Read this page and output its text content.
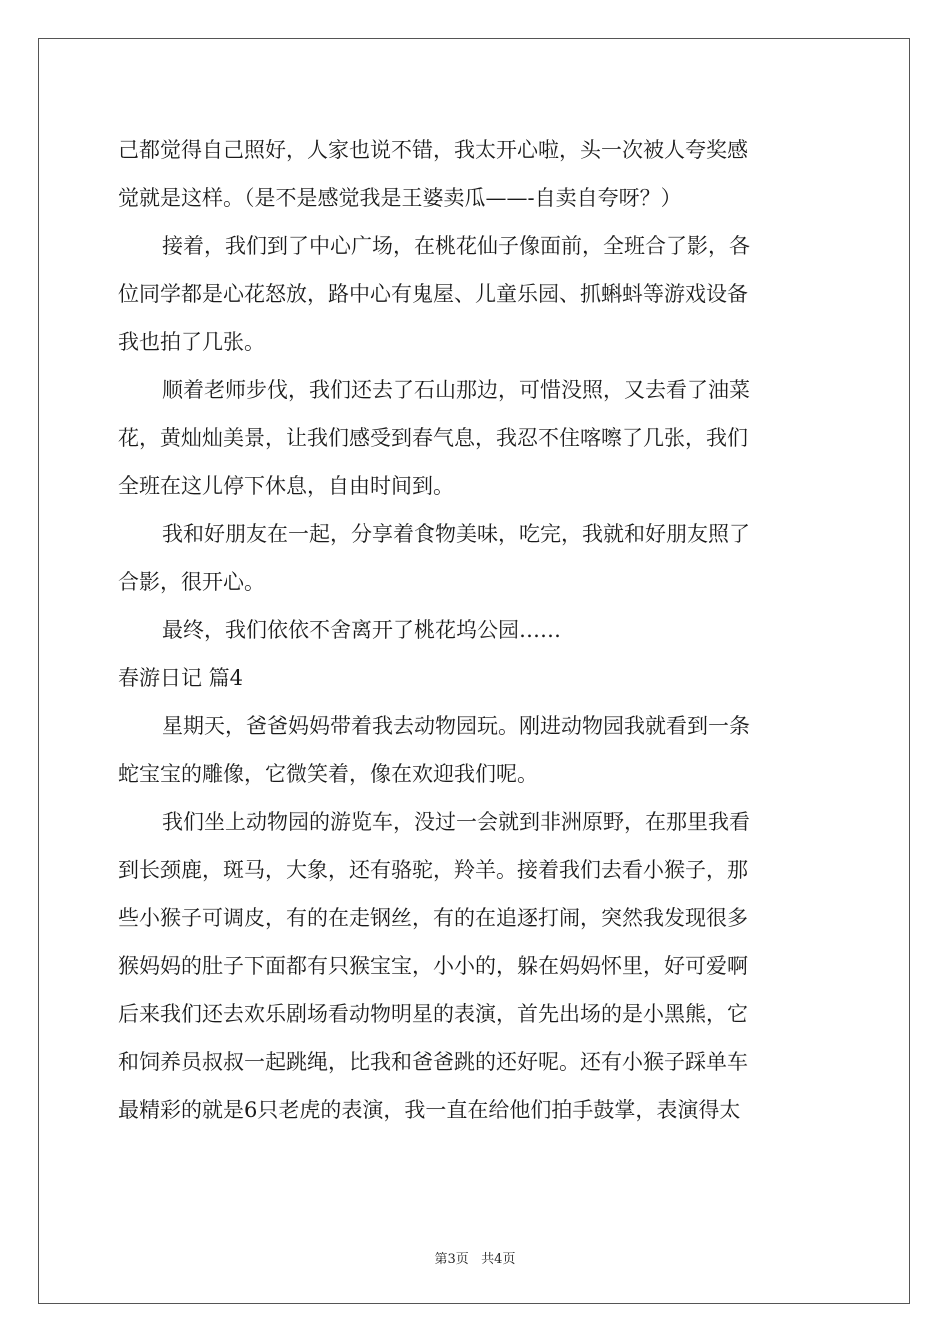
己都觉得自己照好，人家也说不错，我太开心啦，头一次被人夸奖感
觉就是这样。（是不是感觉我是王婆卖瓜——-自卖自夸呀？）
接着，我们到了中心广场，在桃花仙子像面前，全班合了影，各
位同学都是心花怒放，路中心有鬼屋、儿童乐园、抓蝌蚪等游戏设备
我也拍了几张。
顺着老师步伐，我们还去了石山那边，可惜没照，又去看了油菜
花，黄灿灿美景，让我们感受到春气息，我忍不住喀嚓了几张，我们
全班在这儿停下休息，自由时间到。
我和好朋友在一起，分享着食物美味，吃完，我就和好朋友照了
合影，很开心。
最终，我们依依不舍离开了桃花坞公园……
春游日记 篇4
星期天，爸爸妈妈带着我去动物园玩。刚进动物园我就看到一条
蛇宝宝的雕像，它微笑着，像在欢迎我们呢。
我们坐上动物园的游览车，没过一会就到非洲原野，在那里我看
到长颈鹿，斑马，大象，还有骆驼，羚羊。接着我们去看小猴子，那
些小猴子可调皮，有的在走钢丝，有的在追逐打闹，突然我发现很多
猴妈妈的肚子下面都有只猴宝宝，小小的，躲在妈妈怀里，好可爱啊
后来我们还去欢乐剧场看动物明星的表演，首先出场的是小黑熊，它
和饲养员叔叔一起跳绳，比我和爸爸跳的还好呢。还有小猴子踩单车
最精彩的就是6只老虎的表演，我一直在给他们拍手鼓掌，表演得太
第3页   共4页
